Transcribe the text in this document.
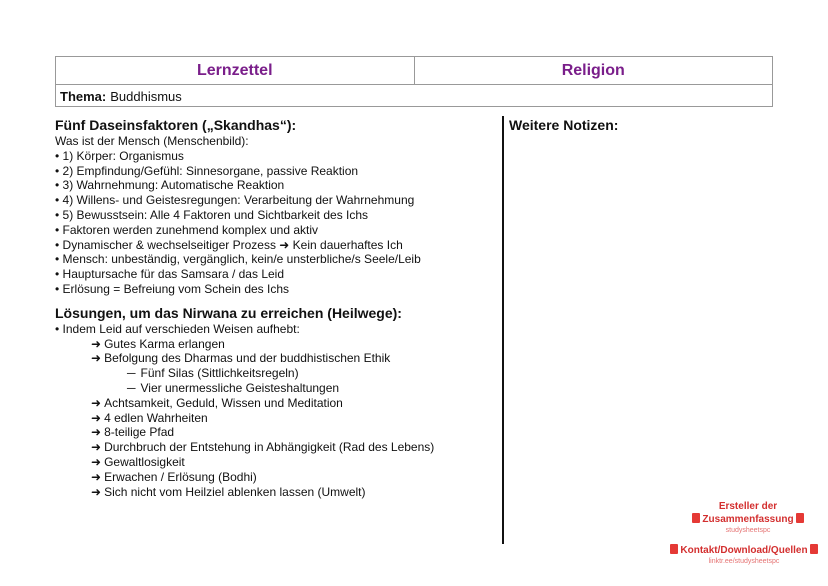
Lernzettel	Religion
Thema: Buddhismus
Fünf Daseinsfaktoren („Skandhas“):
Was ist der Mensch (Menschenbild):
• 1) Körper: Organismus
• 2) Empfindung/Gefühl: Sinnesorgane, passive Reaktion
• 3) Wahrnehmung: Automatische Reaktion
• 4) Willens- und Geistesregungen: Verarbeitung der Wahrnehmung
• 5) Bewusstsein: Alle 4 Faktoren und Sichtbarkeit des Ichs
• Faktoren werden zunehmend komplex und aktiv
• Dynamischer & wechselseitiger Prozess ➜ Kein dauerhaftes Ich
• Mensch: unbeständig, vergänglich, kein/e unsterbliche/s Seele/Leib
• Hauptursache für das Samsara / das Leid
• Erlösung = Befreiung vom Schein des Ichs
Lösungen, um das Nirwana zu erreichen (Heilwege):
• Indem Leid auf verschieden Weisen aufhebt:
➜ Gutes Karma erlangen
➜ Befolgung des Dharmas und der buddhistischen Ethik
─ Fünf Silas (Sittlichkeitsregeln)
─ Vier unermessliche Geisteshaltungen
➜ Achtsamkeit, Geduld, Wissen und Meditation
➜ 4 edlen Wahrheiten
➜ 8-teilige Pfad
➜ Durchbruch der Entstehung in Abhängigkeit (Rad des Lebens)
➜ Gewaltlosigkeit
➜ Erwachen / Erlösung (Bodhi)
➜ Sich nicht vom Heilziel ablenken lassen (Umwelt)
Weitere Notizen:
Ersteller der
Zusammenfassung
studysheetspc
Kontakt/Download/Quellen
linktr.ee/studysheetspc
